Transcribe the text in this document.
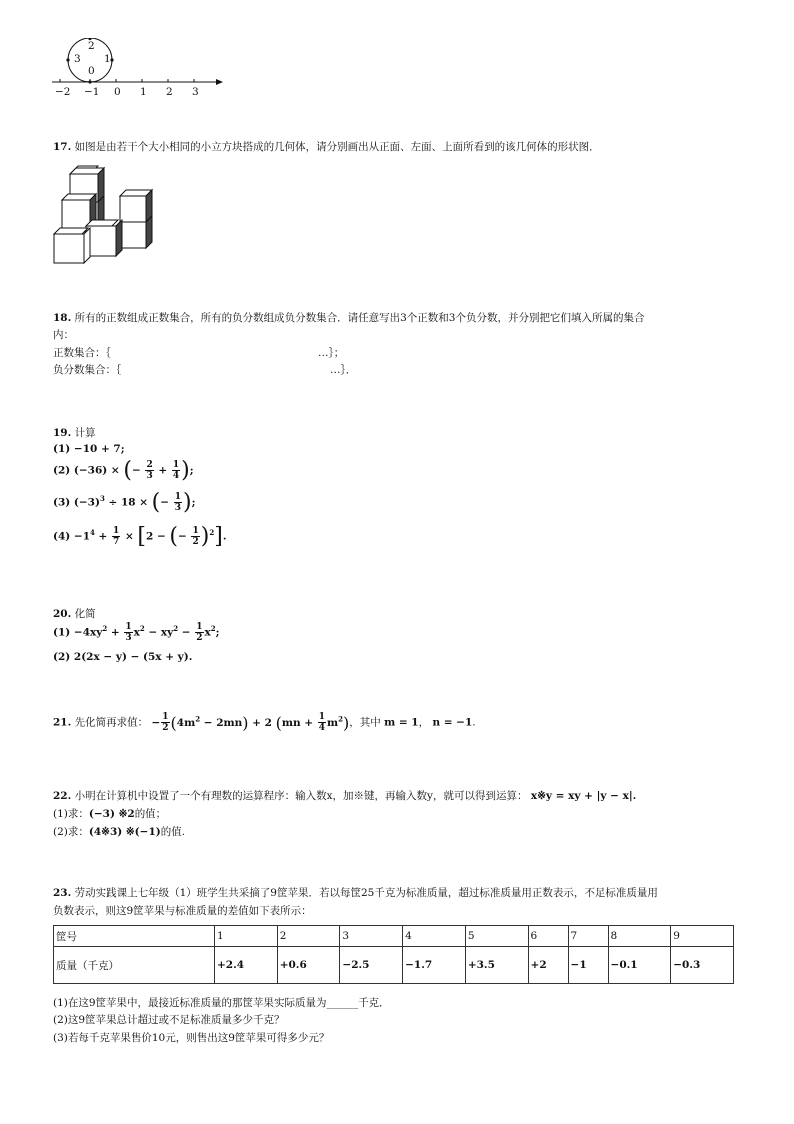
2
3 1
0
−2 −1 0 1 2 3
17. 如图是由若干个大小相同的小立方块搭成的几何体，请分别画出从正面、左面、上面所看到的该几何体的形状图．
18. 所有的正数组成正数集合，所有的负分数组成负分数集合．请任意写出3个正数和3个负分数，并分别把它们填入所属的集合
内：
正数集合：｛	…｝；
负分数集合：｛	…｝．
19. 计算
(1) −10 + 7;
(2) (−36) × (− $\frac{2}{3} + \frac{1}{4}$ );
(3) $(-3)^3 \div 18$ × (− $\frac{1}{3}$ );
$(4) -1^4 + \frac{1}{7} \times [2$ − (− $\frac{1}{2} )^2$].
20. 化简
$(1) -4xy^2 + \frac{1}{3} x^2 - xy^2 - \frac{1}{2} x^2$;
(2) 2(2x − y) − (5x + y).
21. 先化简再求值： − $\frac{1}{2} (4m^2 - 2mn) + 2$ $(mn + \frac{1}{4} m^2)$，其中 m = 1， n = −1.
22. 小明在计算机中设置了一个有理数的运算程序：输入数x，加※键，再输入数y，就可以得到运算： x※y = xy + |y − x|.
(1)求：(−3) ※2的值；
(2)求：(4※3) ※(−1)的值.
23. 劳动实践课上七年级（1）班学生共采摘了9筐苹果．若以每筐25千克为标准质量，超过标准质量用正数表示，不足标准质量用
负数表示，则这9筐苹果与标准质量的差值如下表所示：
筐号	1	2	3	4	5	6	7	8	9
质量（千克）	+2.4	+0.6	−2.5	−1.7	+3.5	+2	−1	−0.1	−0.3
(1)在这9筐苹果中，最接近标准质量的那筐苹果实际质量为______千克．
(2)这9筐苹果总计超过或不足标准质量多少千克？
(3)若每千克苹果售价10元，则售出这9筐苹果可得多少元？
